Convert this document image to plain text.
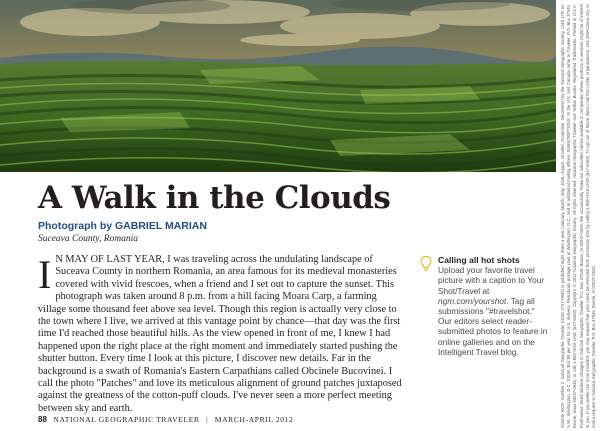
A Walk in the Clouds
Photograph by GABRIEL MARIAN
Suceava County, Romania

I N MAY OF LAST YEAR, I was traveling across the undulating landscape of Suceava County in northern Romania, an area famous for its medieval monasteries covered with vivid frescoes, when a friend and I set out to capture the sunset. This photograph was taken around 8 p.m. from a hill facing Moara Carp, a farming village some thousand feet above sea level. Though this region is actually very close to the town where I live, we arrived at this vantage point by chance—that day was the first time I'd reached those beautiful hills. As the view opened in front of me, I knew I had happened upon the right place at the right moment and immediately started pushing the shutter button. Every time I look at this picture, I discover new details. Far in the background is a swath of Romania's Eastern Carpathians called Obcinele Bucovinei. I call the photo "Patches" and love its meticulous alignment of ground patches juxtaposed against the greatness of the cotton-puff clouds. I've never seen a more perfect meeting between sky and earth.

Calling all hot shots
Upload your favorite travel picture with a caption to Your Shot/Travel at ngm.com/yourshot. Tag all submissions "#travelshot." Our editors select reader-submitted photos to feature in online galleries and on the Intelligent Travel blog.
88 NATIONAL GEOGRAPHIC TRAVELER | MARCH-APRIL 2012	Volume XXIX, Number 2. National Geographic Traveler (ISSN 0747-0932) is published eight times a year (January, March, May, June, August, October, November, December) by the National Geographic Society, 1145 17th St. N.W., Washington, D.C. 20036. $14.95 per year for U.S. delivery. Periodicals postage paid at Washington, D.C., and at additional mailing offices. SUBSCRIPTIONS: In the U.S. and Canada, write to Traveler, P.O. Box 37545, Boone, Iowa 50037-0545, or call 1-800-NGS-LINE (647-5463). Copyright © 2012 National Geographic Society. All rights reserved. National Geographic Traveler and Yellow Border: Registered Trademarks. Printed in U.S.A. Postmaster: Send address changes to National Geographic Traveler, P.O. Box 37545, Boone, IA 50037-0545. We occasionally make our subscriber names available to companies whose products or services might be of interest to you. If you prefer not to be included, you may request that your name be removed from promotion lists by calling 1-800-NGS-LINE (647-5463). To opt out of future direct mail from other organizations, visit DMAchoice.org, or mail a request to National Geographic Traveler, P.O. Box 37545, Boone, IA 50037-0545.
